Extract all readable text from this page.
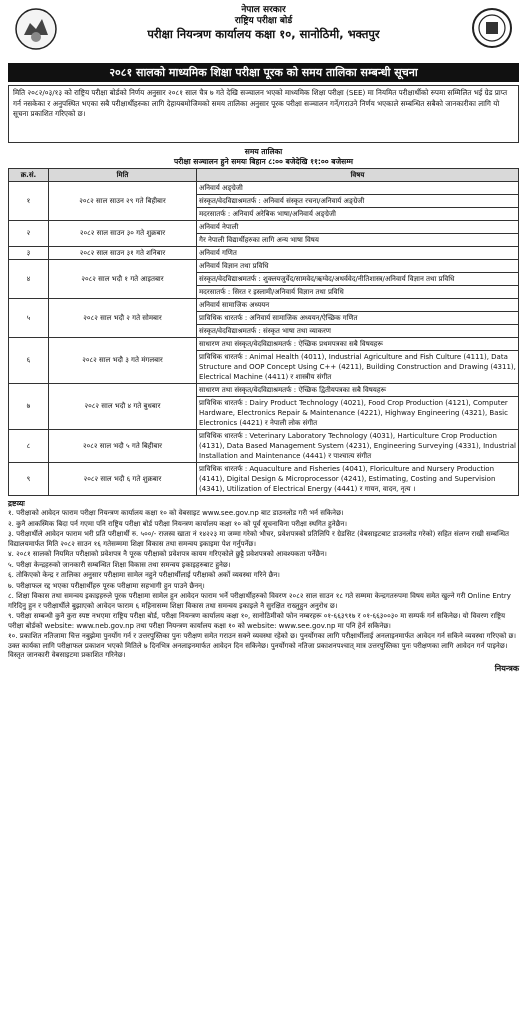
नेपाल सरकार
राष्ट्रिय परीक्षा बोर्ड
परीक्षा नियन्त्रण कार्यालय कक्षा १०, सानोठिमी, भक्तपुर
२०८१ सालको माध्यमिक शिक्षा परीक्षा पूरक को समय तालिका सम्बन्धी सूचना
मिति २०८२/०३/१३ को राष्ट्रिय परीक्षा बोर्डको निर्णय अनुसार २०८१ साल चैत्र ७ गते देखि सञ्चालन भएको माध्यमिक शिक्षा परीक्षा (SEE) मा नियमित परीक्षार्थीको रुपमा सम्मिलित भई ग्रेड प्राप्त गर्न नसकेका र अनुपस्थित भएका सबै परीक्षार्थीहरुका लागि देहायबमोजिमको समय तालिका अनुसार पूरक परीक्षा सञ्चालन गर्ने/गराउने निर्णय भएकाले सम्बन्धित सबैको जानकारीका लागि यो सूचना प्रकाशित गरिएको छ।
समय तालिका
परीक्षा सञ्चालन हुने समयः बिहान ८:०० बजेदेखि ११:०० बजेसम्म
क्र.सं.	मिति	विषय
१	२०८२ साल साउन २९ गते बिहीबार	अनिवार्य अङ्ग्रेजी
संस्कृत/वेदविद्याश्रमतर्फ : अनिवार्य संस्कृत रचना/अनिवार्य अङ्ग्रेजी
मदरसातर्फ : अनिवार्य अरेबिक भाषा/अनिवार्य अङ्ग्रेजी

२	२०८२ साल साउन ३० गते शुक्रबार	अनिवार्य नेपाली
गैर नेपाली विद्यार्थीहरुका लागि अन्य भाषा विषय

३	२०८२ साल साउन ३१ गते शनिबार	अनिवार्य गणित

४	२०८२ साल भदौ १ गते आइतबार	अनिवार्य विज्ञान तथा प्रविधि
संस्कृत/वेदविद्याश्रमतर्फ : शुक्लयजुर्वेद/सामवेद/ऋग्वेद/अथर्ववेद/नीतिशास्त्र/अनिवार्य विज्ञान तथा प्रविधि
मदरसातर्फ : सिरत र इस्लामी/अनिवार्य विज्ञान तथा प्रविधि

५	२०८२ साल भदौ २ गते सोमबार	अनिवार्य सामाजिक अध्ययन
प्राविधिक धारतर्फ : अनिवार्य सामाजिक अध्ययन/ऐच्छिक गणित
संस्कृत/वेदविद्याश्रमतर्फ : संस्कृत भाषा तथा व्याकरण

६	२०८२ साल भदौ ३ गते मंगलबार	साधारण तथा संस्कृत/वेदविद्याश्रमतर्फ : ऐच्छिक प्रथमपत्रका सबै विषयहरू
प्राविधिक धारतर्फ : Animal Health (4011), Industrial Agriculture and Fish Culture (4111), Data Structure and OOP Concept Using C++ (4211), Building Construction and Drawing (4311), Electrical Machine (4411) र शास्त्रीय संगीत

७	२०८२ साल भदौ ४ गते बुधबार	साधारण तथा संस्कृत/वेदविद्याश्रमतर्फ : ऐच्छिक द्वितीयपत्रका सबै विषयहरू
प्राविधिक धारतर्फ : Dairy Product Technology (4021), Food Crop Production (4121), Computer Hardware, Electronics Repair & Maintenance (4221), Highway Engineering (4321), Basic Electronics (4421) र नेपाली लोक संगीत

८	२०८२ साल भदौ ५ गते बिहीबार	प्राविधिक धारतर्फ : Veterinary Laboratory Technology (4031), Harticulture Crop Production (4131), Data Based Management System (4231), Engineering Surveying (4331), Industrial Installation and Maintenance (4441) र पाश्चात्य संगीत

९	२०८२ साल भदौ ६ गते शुक्रबार	प्राविधिक धारतर्फ : Aquaculture and Fisheries (4041), Floriculture and Nursery Production (4141), Digital Design & Microprocessor (4241), Estimating, Costing and Supervision (4341), Utilization of Electrical Energy (4441) र गायन, वादन, नृत्य ।
द्रष्टव्यः
१. परीक्षाको आवेदन फाराम परीक्षा नियन्त्रण कार्यालय कक्षा १० को वेबसाइट www.see.gov.np बाट डाउनलोड गरी भर्न सकिनेछ।
२. कुनै आकस्मिक बिदा पर्न गएमा पनि राष्ट्रिय परीक्षा बोर्ड परीक्षा नियन्त्रण कार्यालय कक्षा १० को पूर्व सूचनाविना परीक्षा स्थगित हुनेछैन।
३. परीक्षार्थीले आवेदन फाराम भरी प्रति परीक्षार्थी रु. ५००/- राजस्व खाता नं १४२२३ मा जम्मा गरेको भौचर, प्रवेशपत्रको प्रतिलिपि र ग्रेडसिट (वेबसाइटबाट डाउनलोड गरेको) सहित संलग्न राखी सम्बन्धित विद्यालयमार्फत मिति २०८२ साउन १६ गतेसम्ममा शिक्षा विकास तथा समन्वय इकाइमा पेश गर्नुपर्नेछ।
४. २०८१ सालको नियमित परीक्षाको प्रवेशपत्र नै पूरक परीक्षाको प्रवेशपत्र कायम गरिएकोले छुट्टै प्रवेशपत्रको आवश्यकता पर्नेछैन।
५. परीक्षा केन्द्रहरुको जानकारी सम्बन्धित शिक्षा विकास तथा समन्वय इकाइहरुबाट हुनेछ।
६. तोकिएको केन्द्र र तालिका अनुसार परीक्षामा सामेल नहुने परीक्षार्थीलाई परीक्षाको अर्को व्यवस्था गरिने छैन।
७. परीक्षाफल रद्द भएका परीक्षार्थीहरु पूरक परीक्षामा सहभागी हुन पाउने छैनन्।
८. शिक्षा विकास तथा समन्वय इकाइहरुले पूरक परीक्षामा सामेल हुन आवेदन फाराम भर्ने परीक्षार्थीहरुको विवरण २०८२ साल साउन १८ गते सम्ममा केन्द्रगतरुपमा विषय समेत खुल्ने गरी Online Entry गरिदिनु हुन र परीक्षार्थीले बुझाएको आवेदन फाराम ६ महिनासम्म शिक्षा विकास तथा समन्वय इकाइले नै सुरक्षित राख्नुहुन अनुरोध छ।
९. परीक्षा सम्बन्धी कुनै कुरा स्पष्ट नभएमा राष्ट्रिय परीक्षा बोर्ड, परीक्षा नियन्त्रण कार्यालय कक्षा १०, सानोठिमीको फोन नम्बरहरू ०१-६६३९१७ र ०१-६६३००३० मा सम्पर्क गर्न सकिनेछ। यो विवरण राष्ट्रिय परीक्षा बोर्डको website: www.neb.gov.np तथा परीक्षा नियन्त्रण कार्यालय कक्षा १० को website: www.see.gov.np मा पनि हेर्न सकिनेछ।
१०. प्रकाशित नतिजामा चित्त नबुझेमा पुनर्योग गर्न र उत्तरपुस्तिका पुनः परीक्षण समेत गराउन सक्ने व्यवस्था रहेको छ। पुनर्योगका लागि परीक्षार्थीलाई अनलाइनमार्फत आवेदन गर्न सकिने व्यवस्था गरिएको छ। उक्त कार्यका लागि परीक्षाफल प्रकाशन भएको मितिले ७ दिनभित्र अनलाइनमार्फत आवेदन दिन सकिनेछ। पुनर्योगको नतिजा प्रकाशनपश्चात् मात्र उत्तरपुस्तिका पुनः परीक्षणका लागि आवेदन गर्न पाइनेछ। विस्तृत जानकारी वेबसाइटमा प्रकाशित गरिनेछ।
नियन्त्रक
